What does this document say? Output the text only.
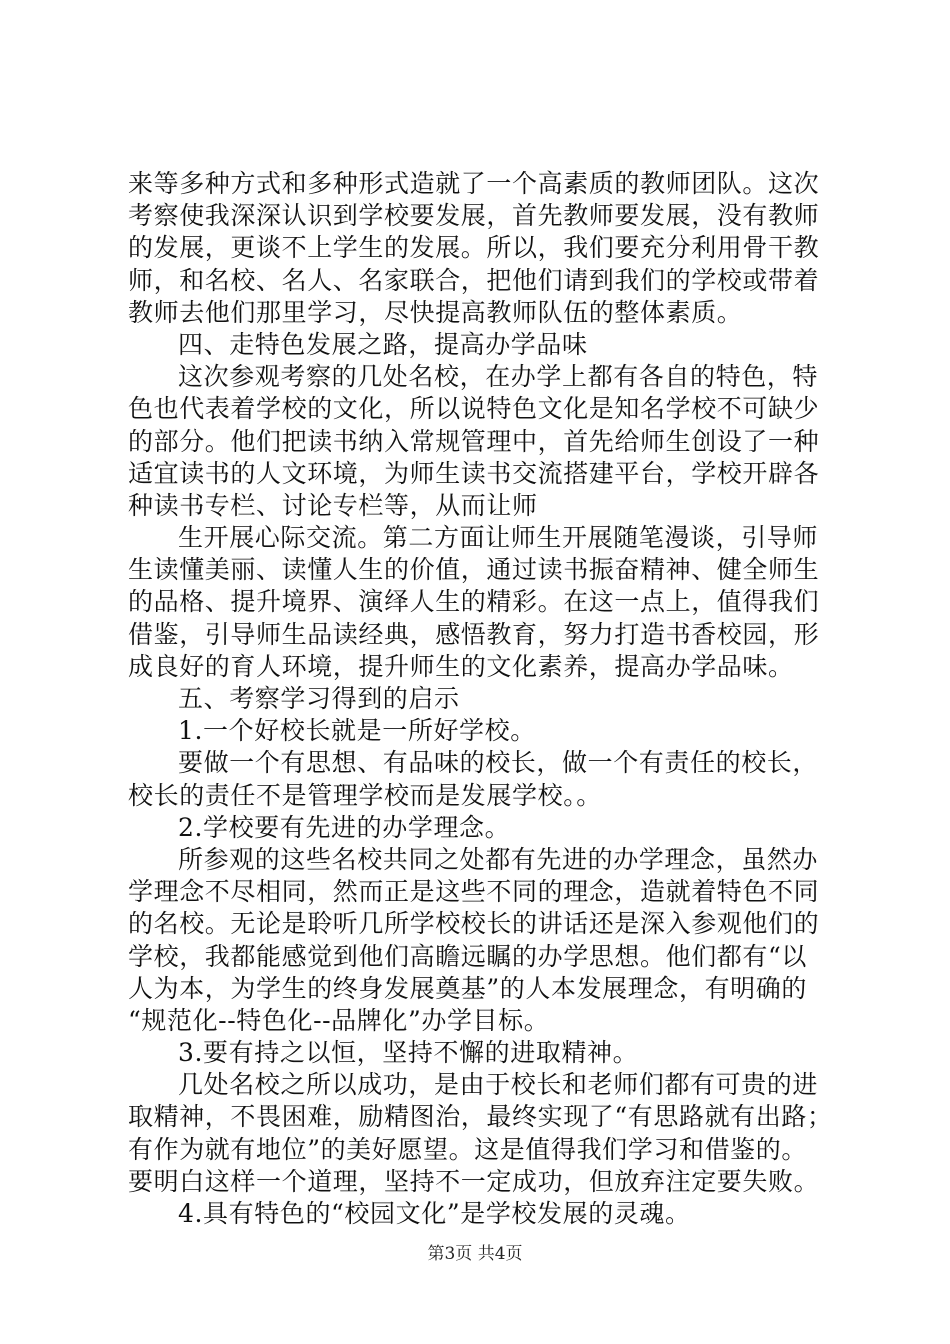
来等多种方式和多种形式造就了一个高素质的教师团队。这次
考察使我深深认识到学校要发展，首先教师要发展，没有教师
的发展，更谈不上学生的发展。所以，我们要充分利用骨干教
师，和名校、名人、名家联合，把他们请到我们的学校或带着
教师去他们那里学习，尽快提高教师队伍的整体素质。
四、走特色发展之路，提高办学品味
这次参观考察的几处名校，在办学上都有各自的特色，特
色也代表着学校的文化，所以说特色文化是知名学校不可缺少
的部分。他们把读书纳入常规管理中，首先给师生创设了一种
适宜读书的人文环境，为师生读书交流搭建平台，学校开辟各
种读书专栏、讨论专栏等，从而让师
生开展心际交流。第二方面让师生开展随笔漫谈，引导师
生读懂美丽、读懂人生的价值，通过读书振奋精神、健全师生
的品格、提升境界、演绎人生的精彩。在这一点上，值得我们
借鉴，引导师生品读经典，感悟教育，努力打造书香校园，形
成良好的育人环境，提升师生的文化素养，提高办学品味。
五、考察学习得到的启示
1.一个好校长就是一所好学校。
要做一个有思想、有品味的校长，做一个有责任的校长，
校长的责任不是管理学校而是发展学校。。
2.学校要有先进的办学理念。
所参观的这些名校共同之处都有先进的办学理念，虽然办
学理念不尽相同，然而正是这些不同的理念，造就着特色不同
的名校。无论是聆听几所学校校长的讲话还是深入参观他们的
学校，我都能感觉到他们高瞻远瞩的办学思想。他们都有“以
人为本，为学生的终身发展奠基”的人本发展理念，有明确的
“规范化--特色化--品牌化”办学目标。
3.要有持之以恒，坚持不懈的进取精神。
几处名校之所以成功，是由于校长和老师们都有可贵的进
取精神，不畏困难，励精图治，最终实现了“有思路就有出路；
有作为就有地位”的美好愿望。这是值得我们学习和借鉴的。
要明白这样一个道理，坚持不一定成功，但放弃注定要失败。
4.具有特色的“校园文化”是学校发展的灵魂。
第3页 共4页
